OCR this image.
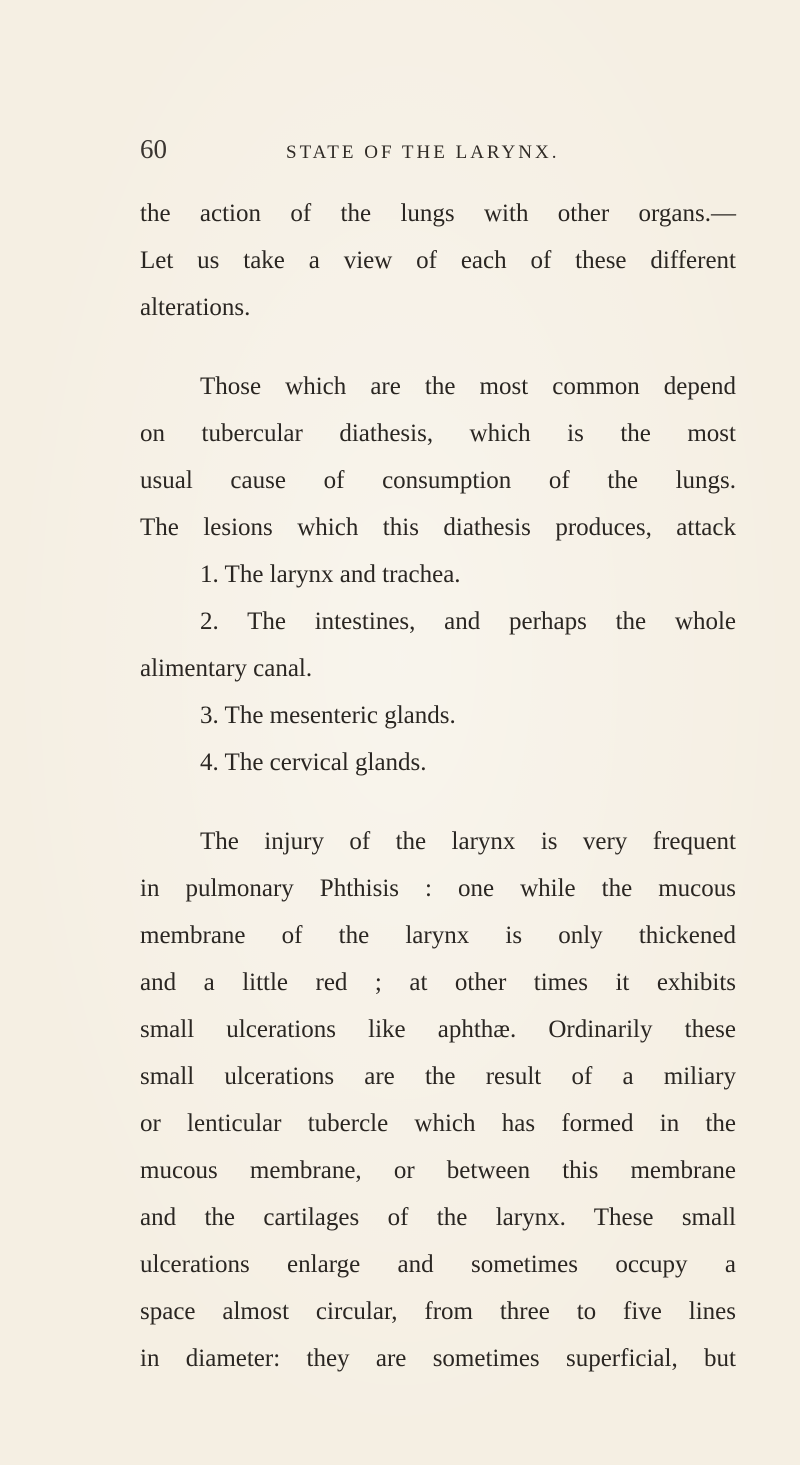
60	STATE OF THE LARYNX.
the action of the lungs with other organs.—
Let us take a view of each of these different
alterations.
Those which are the most common depend
on tubercular diathesis, which is the most
usual cause of consumption of the lungs.
The lesions which this diathesis produces, attack
1. The larynx and trachea.
2. The intestines, and perhaps the whole
alimentary canal.
3. The mesenteric glands.
4. The cervical glands.
The injury of the larynx is very frequent
in pulmonary Phthisis : one while the mucous
membrane of the larynx is only thickened
and a little red ; at other times it exhibits
small ulcerations like aphthæ. Ordinarily these
small ulcerations are the result of a miliary
or lenticular tubercle which has formed in the
mucous membrane, or between this membrane
and the cartilages of the larynx. These small
ulcerations enlarge and sometimes occupy a
space almost circular, from three to five lines
in diameter: they are sometimes superficial, but
